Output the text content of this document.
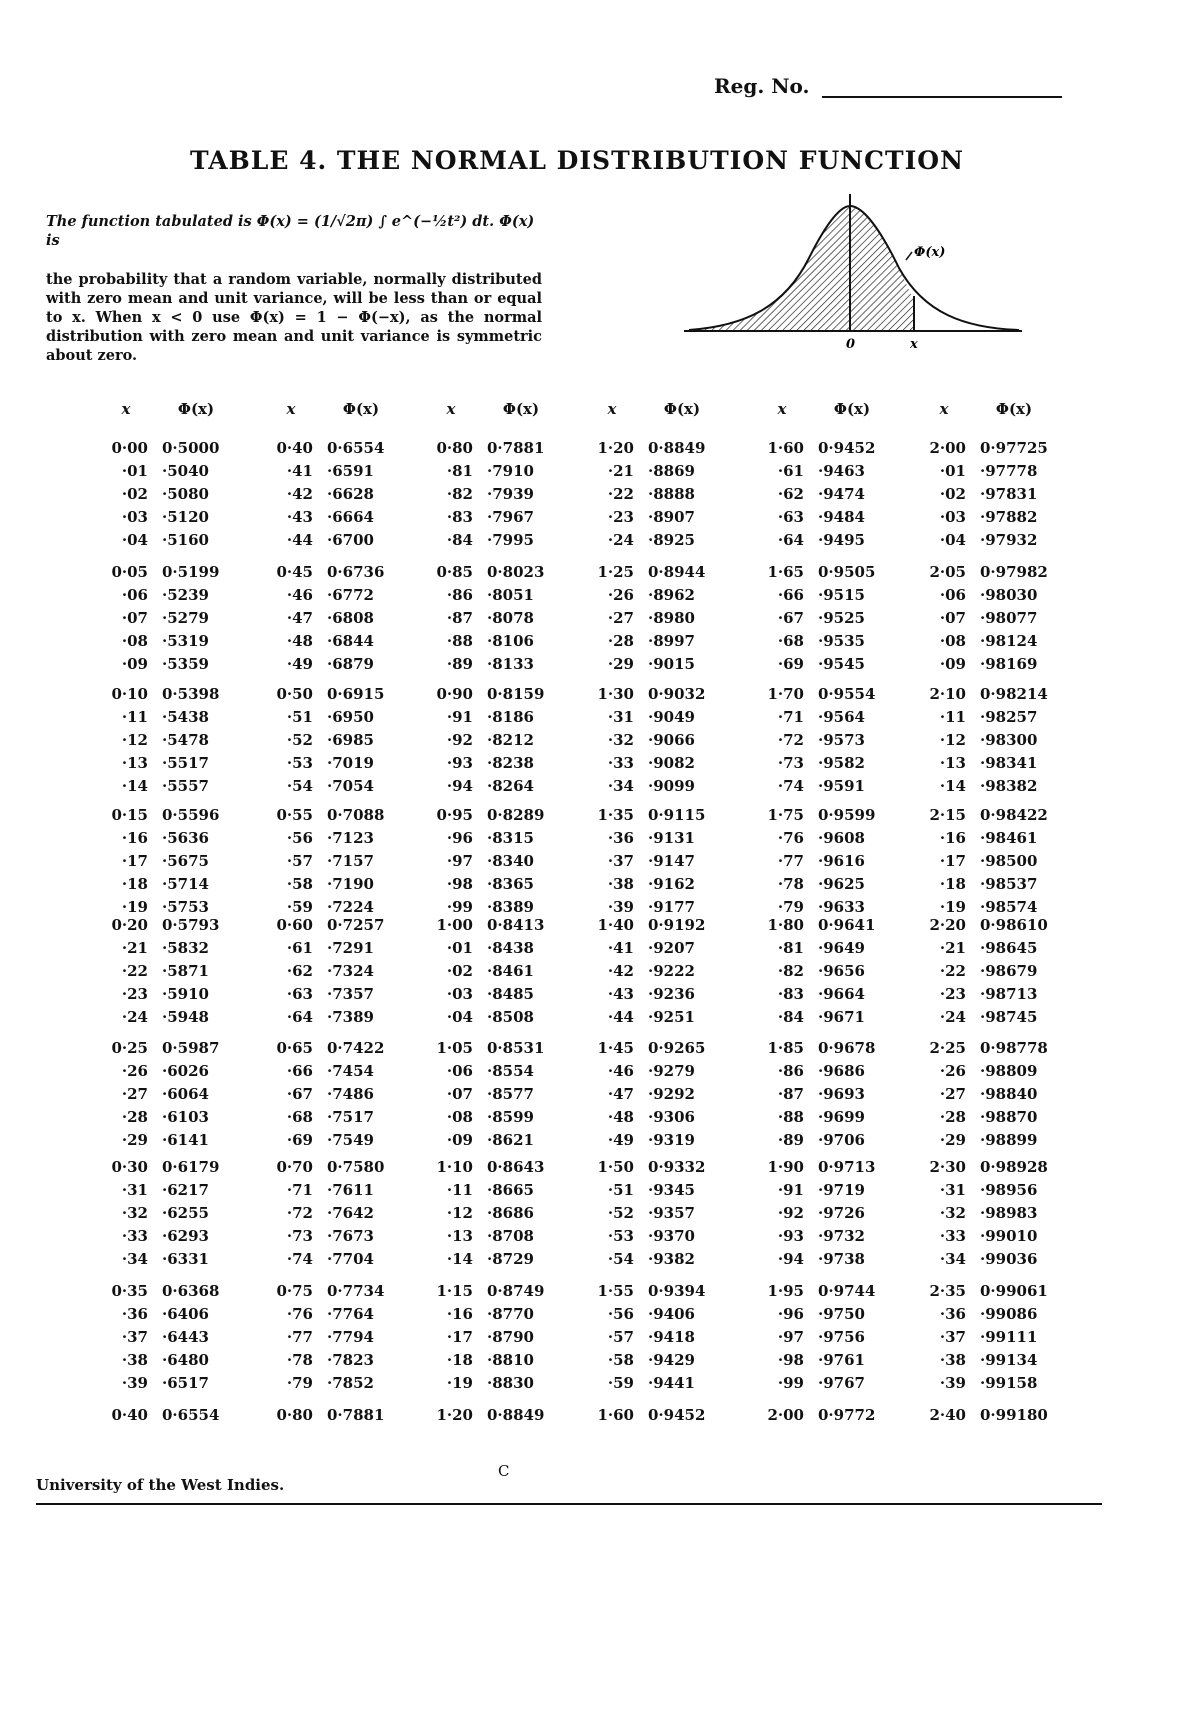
Reg. No.
TABLE 4. THE NORMAL DISTRIBUTION FUNCTION
The function tabulated is Φ(x) = (1/√2π) ∫ e^(−½t²) dt. Φ(x) is
the probability that a random variable, normally distributed with zero mean and unit variance, will be less than or equal to x. When x < 0 use Φ(x) = 1 − Φ(−x), as the normal distribution with zero mean and unit variance is symmetric about zero.
Φ(x)
0	x
x	Φ(x)
0·00 0·5000
·01 ·5040
·02 ·5080
·03 ·5120
·04 ·5160
0·05 0·5199
·06 ·5239
·07 ·5279
·08 ·5319
·09 ·5359
0·10 0·5398
·11 ·5438
·12 ·5478
·13 ·5517
·14 ·5557
0·15 0·5596
·16 ·5636
·17 ·5675
·18 ·5714
·19 ·5753
0·20 0·5793
·21 ·5832
·22 ·5871
·23 ·5910
·24 ·5948
0·25 0·5987
·26 ·6026
·27 ·6064
·28 ·6103
·29 ·6141
0·30 0·6179
·31 ·6217
·32 ·6255
·33 ·6293
·34 ·6331
0·35 0·6368
·36 ·6406
·37 ·6443
·38 ·6480
·39 ·6517
0·40 0·6554
x	Φ(x)
0·40 0·6554
·41 ·6591
·42 ·6628
·43 ·6664
·44 ·6700
0·45 0·6736
·46 ·6772
·47 ·6808
·48 ·6844
·49 ·6879
0·50 0·6915
·51 ·6950
·52 ·6985
·53 ·7019
·54 ·7054
0·55 0·7088
·56 ·7123
·57 ·7157
·58 ·7190
·59 ·7224
0·60 0·7257
·61 ·7291
·62 ·7324
·63 ·7357
·64 ·7389
0·65 0·7422
·66 ·7454
·67 ·7486
·68 ·7517
·69 ·7549
0·70 0·7580
·71 ·7611
·72 ·7642
·73 ·7673
·74 ·7704
0·75 0·7734
·76 ·7764
·77 ·7794
·78 ·7823
·79 ·7852
0·80 0·7881
x	Φ(x)
0·80 0·7881
·81 ·7910
·82 ·7939
·83 ·7967
·84 ·7995
0·85 0·8023
·86 ·8051
·87 ·8078
·88 ·8106
·89 ·8133
0·90 0·8159
·91 ·8186
·92 ·8212
·93 ·8238
·94 ·8264
0·95 0·8289
·96 ·8315
·97 ·8340
·98 ·8365
·99 ·8389
1·00 0·8413
·01 ·8438
·02 ·8461
·03 ·8485
·04 ·8508
1·05 0·8531
·06 ·8554
·07 ·8577
·08 ·8599
·09 ·8621
1·10 0·8643
·11 ·8665
·12 ·8686
·13 ·8708
·14 ·8729
1·15 0·8749
·16 ·8770
·17 ·8790
·18 ·8810
·19 ·8830
1·20 0·8849
x	Φ(x)
1·20 0·8849
·21 ·8869
·22 ·8888
·23 ·8907
·24 ·8925
1·25 0·8944
·26 ·8962
·27 ·8980
·28 ·8997
·29 ·9015
1·30 0·9032
·31 ·9049
·32 ·9066
·33 ·9082
·34 ·9099
1·35 0·9115
·36 ·9131
·37 ·9147
·38 ·9162
·39 ·9177
1·40 0·9192
·41 ·9207
·42 ·9222
·43 ·9236
·44 ·9251
1·45 0·9265
·46 ·9279
·47 ·9292
·48 ·9306
·49 ·9319
1·50 0·9332
·51 ·9345
·52 ·9357
·53 ·9370
·54 ·9382
1·55 0·9394
·56 ·9406
·57 ·9418
·58 ·9429
·59 ·9441
1·60 0·9452
x	Φ(x)
1·60 0·9452
·61 ·9463
·62 ·9474
·63 ·9484
·64 ·9495
1·65 0·9505
·66 ·9515
·67 ·9525
·68 ·9535
·69 ·9545
1·70 0·9554
·71 ·9564
·72 ·9573
·73 ·9582
·74 ·9591
1·75 0·9599
·76 ·9608
·77 ·9616
·78 ·9625
·79 ·9633
1·80 0·9641
·81 ·9649
·82 ·9656
·83 ·9664
·84 ·9671
1·85 0·9678
·86 ·9686
·87 ·9693
·88 ·9699
·89 ·9706
1·90 0·9713
·91 ·9719
·92 ·9726
·93 ·9732
·94 ·9738
1·95 0·9744
·96 ·9750
·97 ·9756
·98 ·9761
·99 ·9767
2·00 0·9772
x	Φ(x)
2·00 0·97725
·01 ·97778
·02 ·97831
·03 ·97882
·04 ·97932
2·05 0·97982
·06 ·98030
·07 ·98077
·08 ·98124
·09 ·98169
2·10 0·98214
·11 ·98257
·12 ·98300
·13 ·98341
·14 ·98382
2·15 0·98422
·16 ·98461
·17 ·98500
·18 ·98537
·19 ·98574
2·20 0·98610
·21 ·98645
·22 ·98679
·23 ·98713
·24 ·98745
2·25 0·98778
·26 ·98809
·27 ·98840
·28 ·98870
·29 ·98899
2·30 0·98928
·31 ·98956
·32 ·98983
·33 ·99010
·34 ·99036
2·35 0·99061
·36 ·99086
·37 ·99111
·38 ·99134
·39 ·99158
2·40 0·99180
C
University of the West Indies.
